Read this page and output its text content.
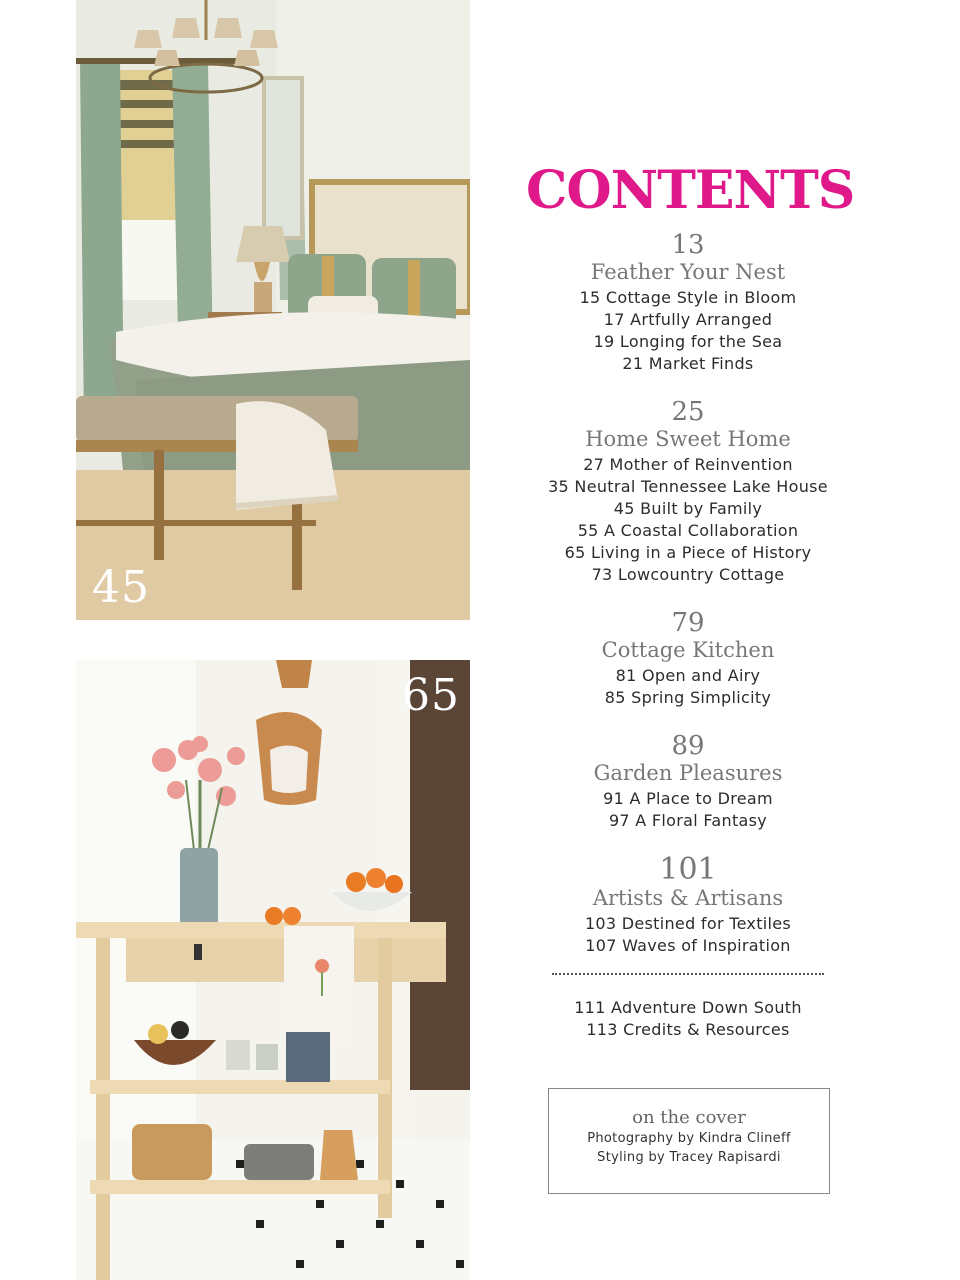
45
65
CONTENTS
13
Feather Your Nest
15 Cottage Style in Bloom
17 Artfully Arranged
19 Longing for the Sea
21 Market Finds
25
Home Sweet Home
27 Mother of Reinvention
35 Neutral Tennessee Lake House
45 Built by Family
55 A Coastal Collaboration
65 Living in a Piece of History
73 Lowcountry Cottage
79
Cottage Kitchen
81 Open and Airy
85 Spring Simplicity
89
Garden Pleasures
91 A Place to Dream
97 A Floral Fantasy
101
Artists & Artisans
103 Destined for Textiles
107 Waves of Inspiration
111 Adventure Down South
113 Credits & Resources
on the cover
Photography by Kindra Clineff
Styling by Tracey Rapisardi
